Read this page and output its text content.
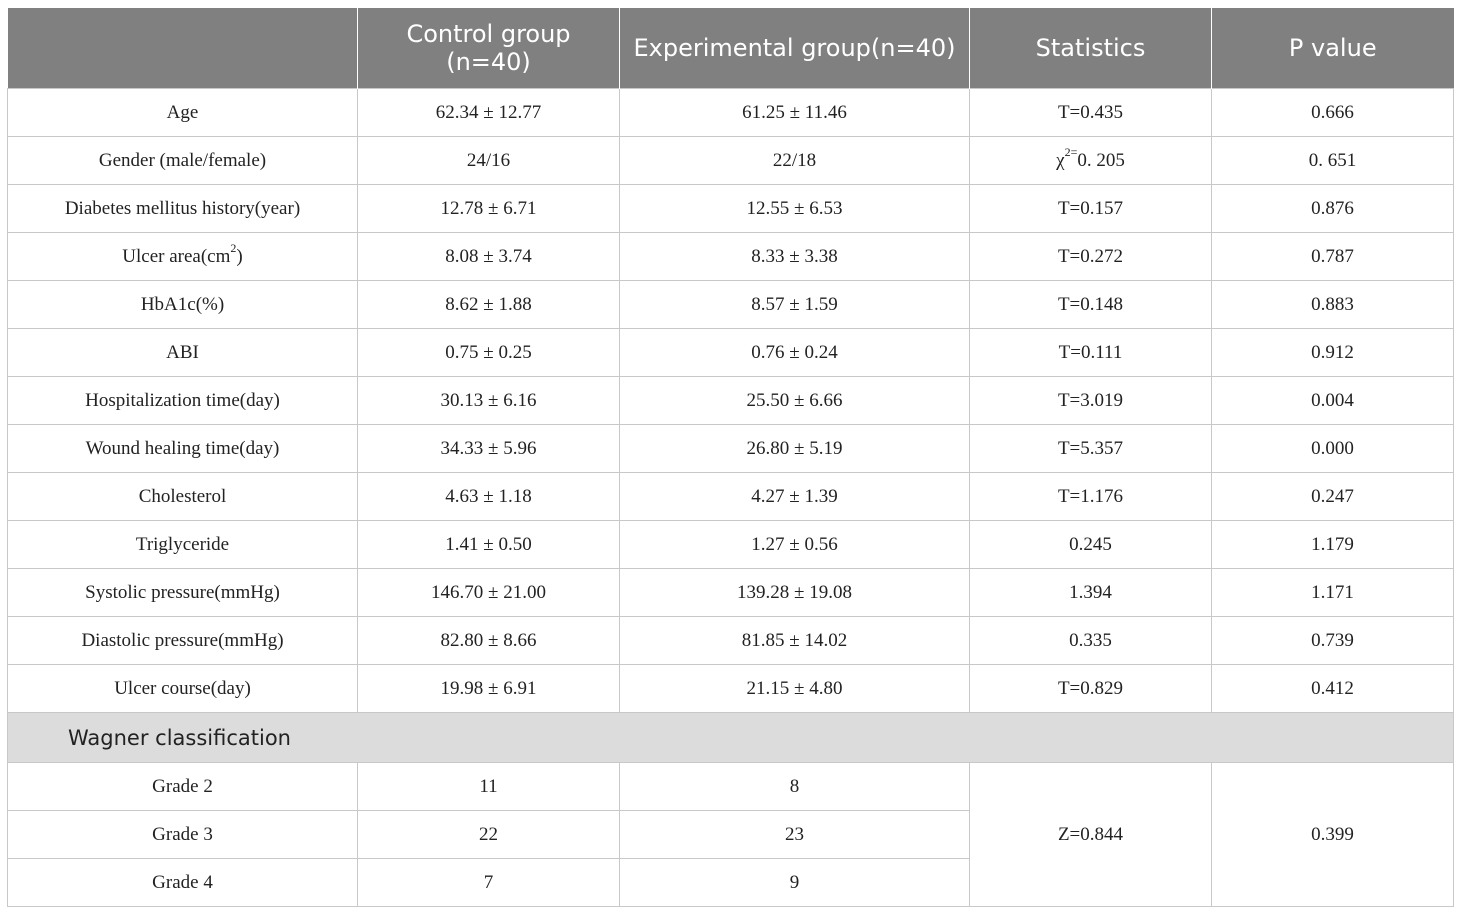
	Control group (n=40)	Experimental group(n=40)	Statistics	P value
Age	62.34 ± 12.77	61.25 ± 11.46	T=0.435	0.666
Gender (male/female)	24/16	22/18	$\chi^{2=}0$. 205	0. 651
Diabetes mellitus history(year)	12.78 ± 6.71	12.55 ± 6.53	T=0.157	0.876
Ulcer $area(cm^2)$	8.08 ± 3.74	8.33 ± 3.38	T=0.272	0.787
HbA1c(%)	8.62 ± 1.88	8.57 ± 1.59	T=0.148	0.883
ABI	0.75 ± 0.25	0.76 ± 0.24	T=0.111	0.912
Hospitalization time(day)	30.13 ± 6.16	25.50 ± 6.66	T=3.019	0.004
Wound healing time(day)	34.33 ± 5.96	26.80 ± 5.19	T=5.357	0.000
Cholesterol	4.63 ± 1.18	4.27 ± 1.39	T=1.176	0.247
Triglyceride	1.41 ± 0.50	1.27 ± 0.56	0.245	1.179
Systolic pressure(mmHg)	146.70 ± 21.00	139.28 ± 19.08	1.394	1.171
Diastolic pressure(mmHg)	82.80 ± 8.66	81.85 ± 14.02	0.335	0.739
Ulcer course(day)	19.98 ± 6.91	21.15 ± 4.80	T=0.829	0.412
Wagner classification				
Grade 2	11	8	Z=0.844	0.399
Grade 3	22	23		
Grade 4	7	9		
